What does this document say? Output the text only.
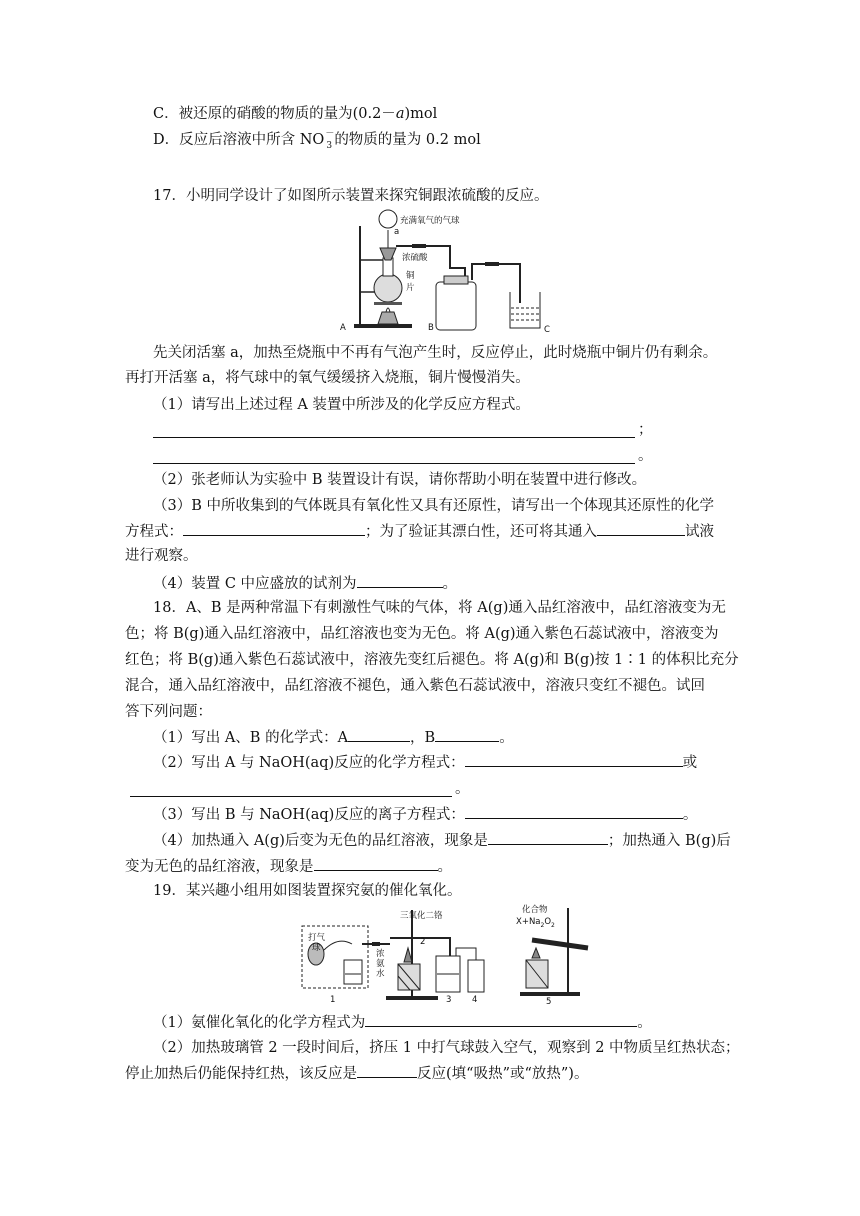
C．被还原的硝酸的物质的量为(0.2－a)mol
D．反应后溶液中所含 NO －
3 的物质的量为 0.2 mol
17．小明同学设计了如图所示装置来探究铜跟浓硫酸的反应。
充满氧气的气球
a
浓硫酸
铜
片
A	B	C
先关闭活塞 a，加热至烧瓶中不再有气泡产生时，反应停止，此时烧瓶中铜片仍有剩余。
再打开活塞 a，将气球中的氧气缓缓挤入烧瓶，铜片慢慢消失。
（1）请写出上述过程 A 装置中所涉及的化学反应方程式。
；
。
（2）张老师认为实验中 B 装置设计有误，请你帮助小明在装置中进行修改。
（3）B 中所收集到的气体既具有氧化性又具有还原性，请写出一个体现其还原性的化学
方程式：	；为了验证其漂白性，还可将其通入	试液
进行观察。
（4）装置 C 中应盛放的试剂为	。
18．A、B 是两种常温下有刺激性气味的气体，将 A(g)通入品红溶液中，品红溶液变为无
色；将 B(g)通入品红溶液中，品红溶液也变为无色。将 A(g)通入紫色石蕊试液中，溶液变为
红色；将 B(g)通入紫色石蕊试液中，溶液先变红后褪色。将 A(g)和 B(g)按 1∶1 的体积比充分
混合，通入品红溶液中，品红溶液不褪色，通入紫色石蕊试液中，溶液只变红不褪色。试回
答下列问题：
（1）写出 A、B 的化学式：A	，B	。
（2）写出 A 与 NaOH(aq)反应的化学方程式：	或
。
（3）写出 B 与 NaOH(aq)反应的离子方程式：	。
（4）加热通入 A(g)后变为无色的品红溶液，现象是	；加热通入 B(g)后
变为无色的品红溶液，现象是	。
19．某兴趣小组用如图装置探究氨的催化氧化。
三氧化二铬
打气
球
浓
氨
水
化合物
$X+Na_2O_2$
1
2
3 4	5
（1）氨催化氧化的化学方程式为	。
（2）加热玻璃管 2 一段时间后，挤压 1 中打气球鼓入空气，观察到 2 中物质呈红热状态；
停止加热后仍能保持红热，该反应是	反应(填“吸热”或“放热”)。
